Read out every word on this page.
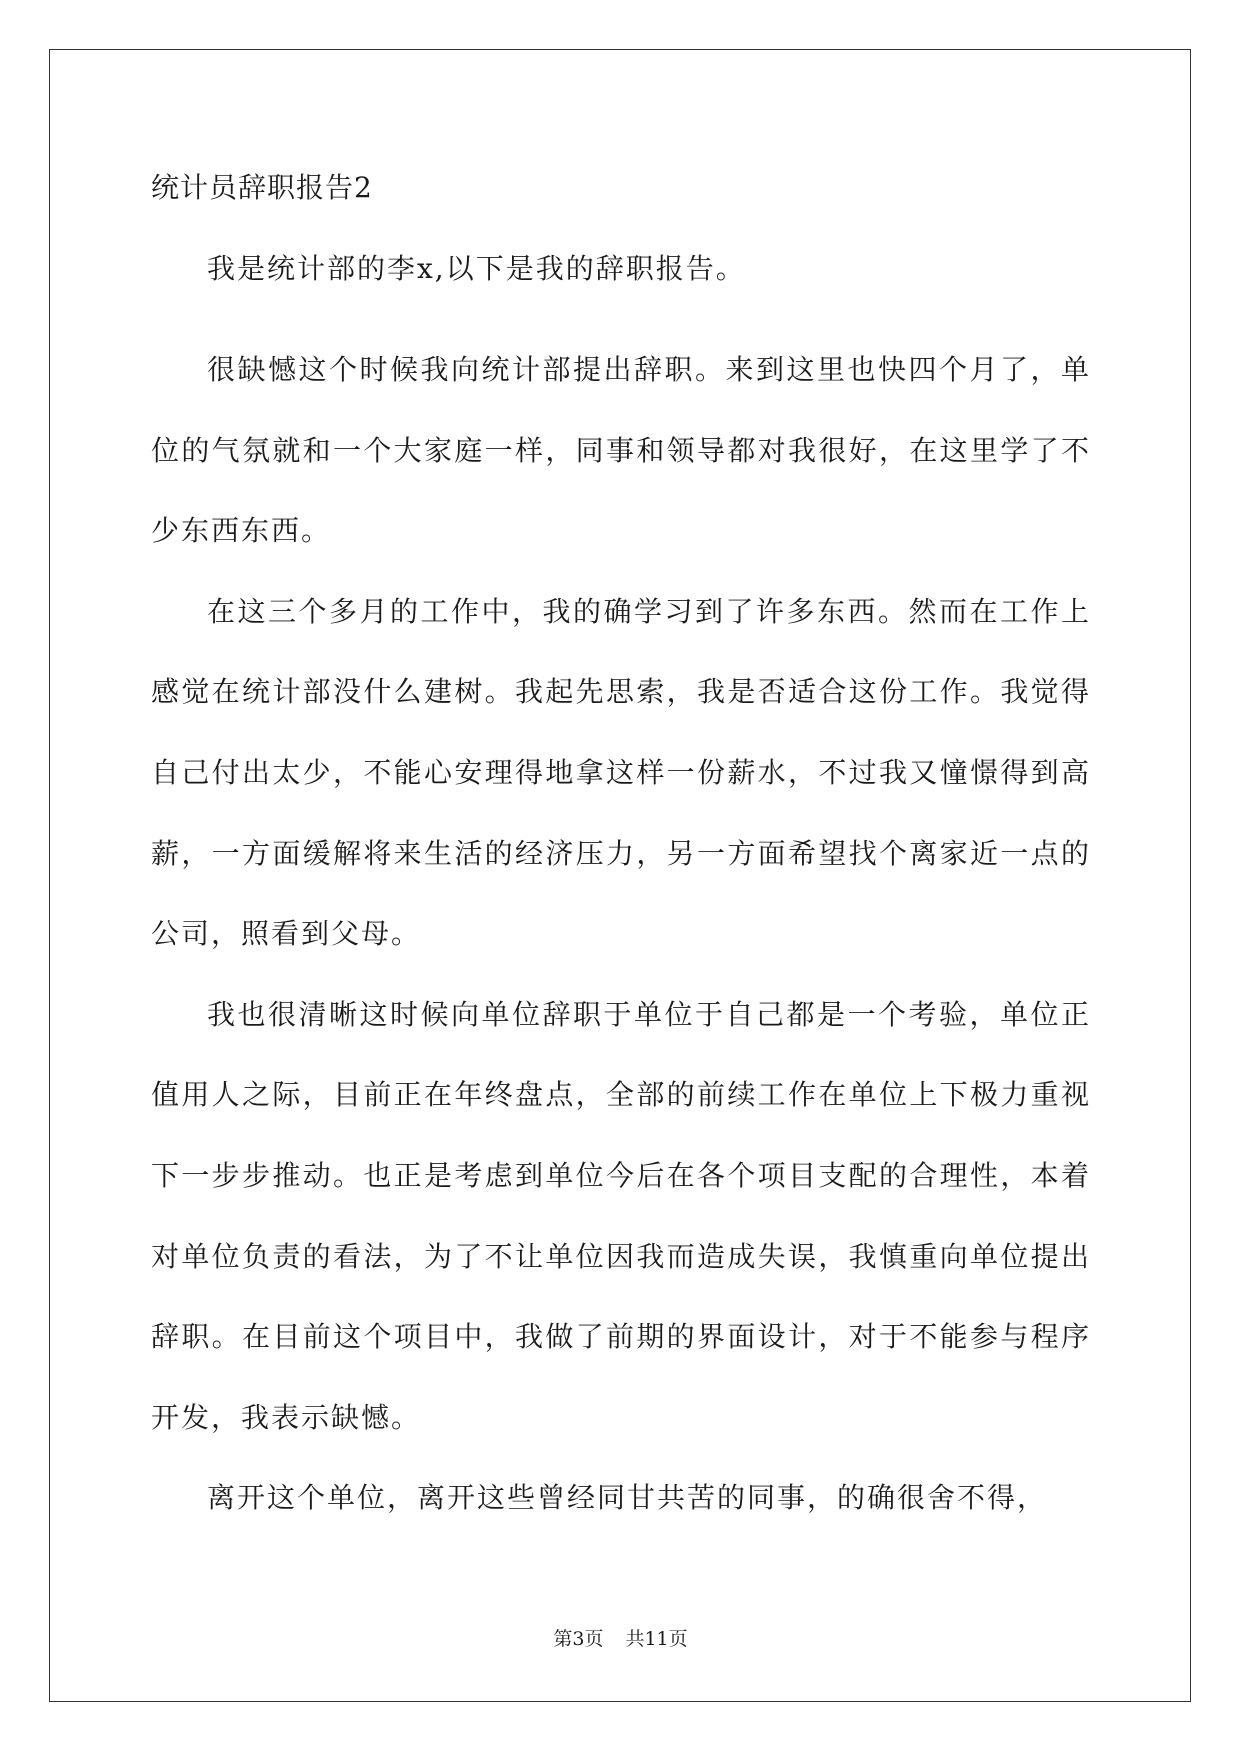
统计员辞职报告2

我是统计部的李x,以下是我的辞职报告。

很缺憾这个时候我向统计部提出辞职。来到这里也快四个月了，单位的气氛就和一个大家庭一样，同事和领导都对我很好，在这里学了不少东西东西。

在这三个多月的工作中，我的确学习到了许多东西。然而在工作上感觉在统计部没什么建树。我起先思索，我是否适合这份工作。我觉得自己付出太少，不能心安理得地拿这样一份薪水，不过我又憧憬得到高薪，一方面缓解将来生活的经济压力，另一方面希望找个离家近一点的公司，照看到父母。

我也很清晰这时候向单位辞职于单位于自己都是一个考验，单位正值用人之际，目前正在年终盘点，全部的前续工作在单位上下极力重视下一步步推动。也正是考虑到单位今后在各个项目支配的合理性，本着对单位负责的看法，为了不让单位因我而造成失误，我慎重向单位提出辞职。在目前这个项目中，我做了前期的界面设计，对于不能参与程序开发，我表示缺憾。

离开这个单位，离开这些曾经同甘共苦的同事，的确很舍不得，

第3页 共11页
